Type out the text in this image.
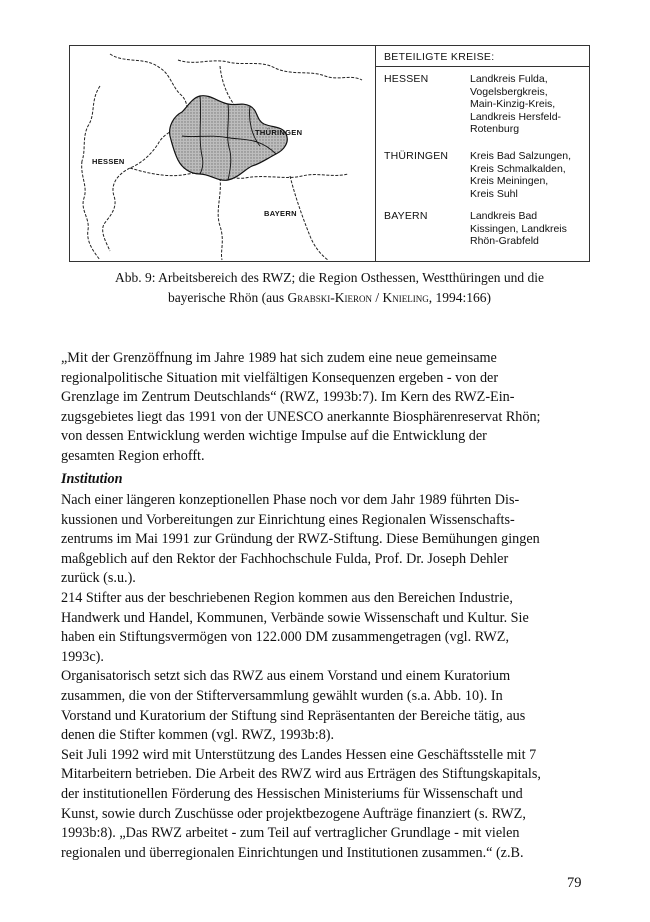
HESSEN
THÜRINGEN
BAYERN
BETEILIGTE KREISE:
HESSEN	Landkreis Fulda,
Vogelsbergkreis,
Main-Kinzig-Kreis,
Landkreis Hersfeld-
Rotenburg
THÜRINGEN	Kreis Bad Salzungen,
Kreis Schmalkalden,
Kreis Meiningen,
Kreis Suhl
BAYERN	Landkreis Bad
Kissingen, Landkreis
Rhön-Grabfeld
Abb. 9: Arbeitsbereich des RWZ; die Region Osthessen, Westthüringen und die
bayerische Rhön (aus Grabski-Kieron / Knieling, 1994:166)

„Mit der Grenzöffnung im Jahre 1989 hat sich zudem eine neue gemeinsame

regionalpolitische Situation mit vielfältigen Konsequenzen ergeben - von der

Grenzlage im Zentrum Deutschlands“ (RWZ, 1993b:7). Im Kern des RWZ-Ein-

zugsgebietes liegt das 1991 von der UNESCO anerkannte Biosphärenreservat Rhön;

von dessen Entwicklung werden wichtige Impulse auf die Entwicklung der

gesamten Region erhofft.

Institution

Nach einer längeren konzeptionellen Phase noch vor dem Jahr 1989 führten Dis-

kussionen und Vorbereitungen zur Einrichtung eines Regionalen Wissenschafts-

zentrums im Mai 1991 zur Gründung der RWZ-Stiftung. Diese Bemühungen gingen

maßgeblich auf den Rektor der Fachhochschule Fulda, Prof. Dr. Joseph Dehler

zurück (s.u.).

214 Stifter aus der beschriebenen Region kommen aus den Bereichen Industrie,

Handwerk und Handel, Kommunen, Verbände sowie Wissenschaft und Kultur. Sie

haben ein Stiftungsvermögen von 122.000 DM zusammengetragen (vgl. RWZ,

1993c).

Organisatorisch setzt sich das RWZ aus einem Vorstand und einem Kuratorium

zusammen, die von der Stifterversammlung gewählt wurden (s.a. Abb. 10). In

Vorstand und Kuratorium der Stiftung sind Repräsentanten der Bereiche tätig, aus

denen die Stifter kommen (vgl. RWZ, 1993b:8).

Seit Juli 1992 wird mit Unterstützung des Landes Hessen eine Geschäftsstelle mit 7

Mitarbeitern betrieben. Die Arbeit des RWZ wird aus Erträgen des Stiftungskapitals,

der institutionellen Förderung des Hessischen Ministeriums für Wissenschaft und

Kunst, sowie durch Zuschüsse oder projektbezogene Aufträge finanziert (s. RWZ,

1993b:8). „Das RWZ arbeitet - zum Teil auf vertraglicher Grundlage - mit vielen

regionalen und überregionalen Einrichtungen und Institutionen zusammen.“ (z.B.

79
